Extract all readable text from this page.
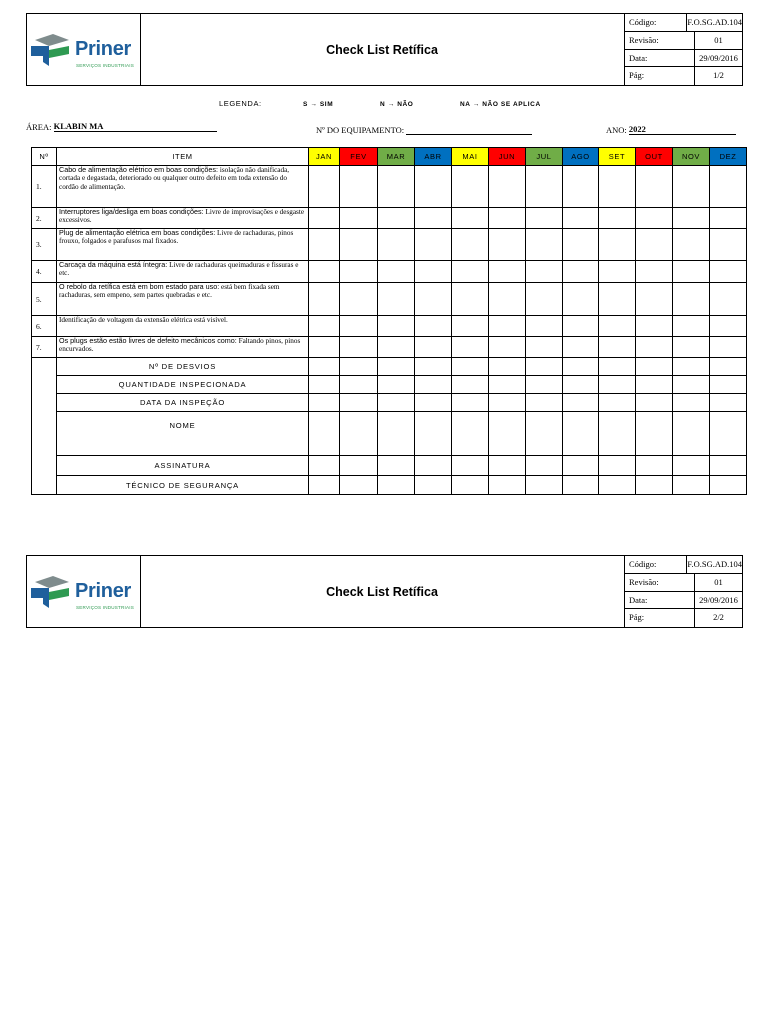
Priner
SERVIÇOS INDUSTRIAIS
Check List Retífica
Código:	F.O.SG.AD.104
Revisão:	01
Data:	29/09/2016
Pág:	1/2
LEGENDA:	S → SIM	N → NÃO	NA → NÃO SE APLICA
ÁREA: KLABIN MA	Nº DO EQUIPAMENTO:	ANO: 2022
Nº	ITEM	JAN	FEV	MAR	ABR	MAI	JUN	JUL	AGO	SET	OUT	NOV	DEZ
1.	Cabo de alimentação elétrico em boas condições: isolação não danificada, cortada e degastada, deteriorado ou qualquer outro defeito em toda extensão do cordão de alimentação.												
2.	Interruptores liga/desliga em boas condições: Livre de improvisações e desgaste excessivos.												
3.	Plug de alimentação elétrica em boas condições: Livre de rachaduras, pinos frouxo, folgados e parafusos mal fixados.												
4.	Carcaça da máquina está íntegra: Livre de rachaduras queimaduras e fissuras e etc.												
5.	O rebolo da retífica está em bom estado para uso: está bem fixada sem rachaduras, sem empeno, sem partes quebradas e etc.												
6.	Identificação de voltagem da extensão elétrica está visível.												
7.	Os plugs estão estão livres de defeito mecânicos como: Faltando pinos, pinos encurvados.												
	Nº DE DESVIOS												
	QUANTIDADE INSPECIONADA												
	DATA DA INSPEÇÃO												
	NOME												
	ASSINATURA												
	TÉCNICO DE SEGURANÇA												
Priner
SERVIÇOS INDUSTRIAIS
Check List Retífica
Código:	F.O.SG.AD.104
Revisão:	01
Data:	29/09/2016
Pág:	2/2
